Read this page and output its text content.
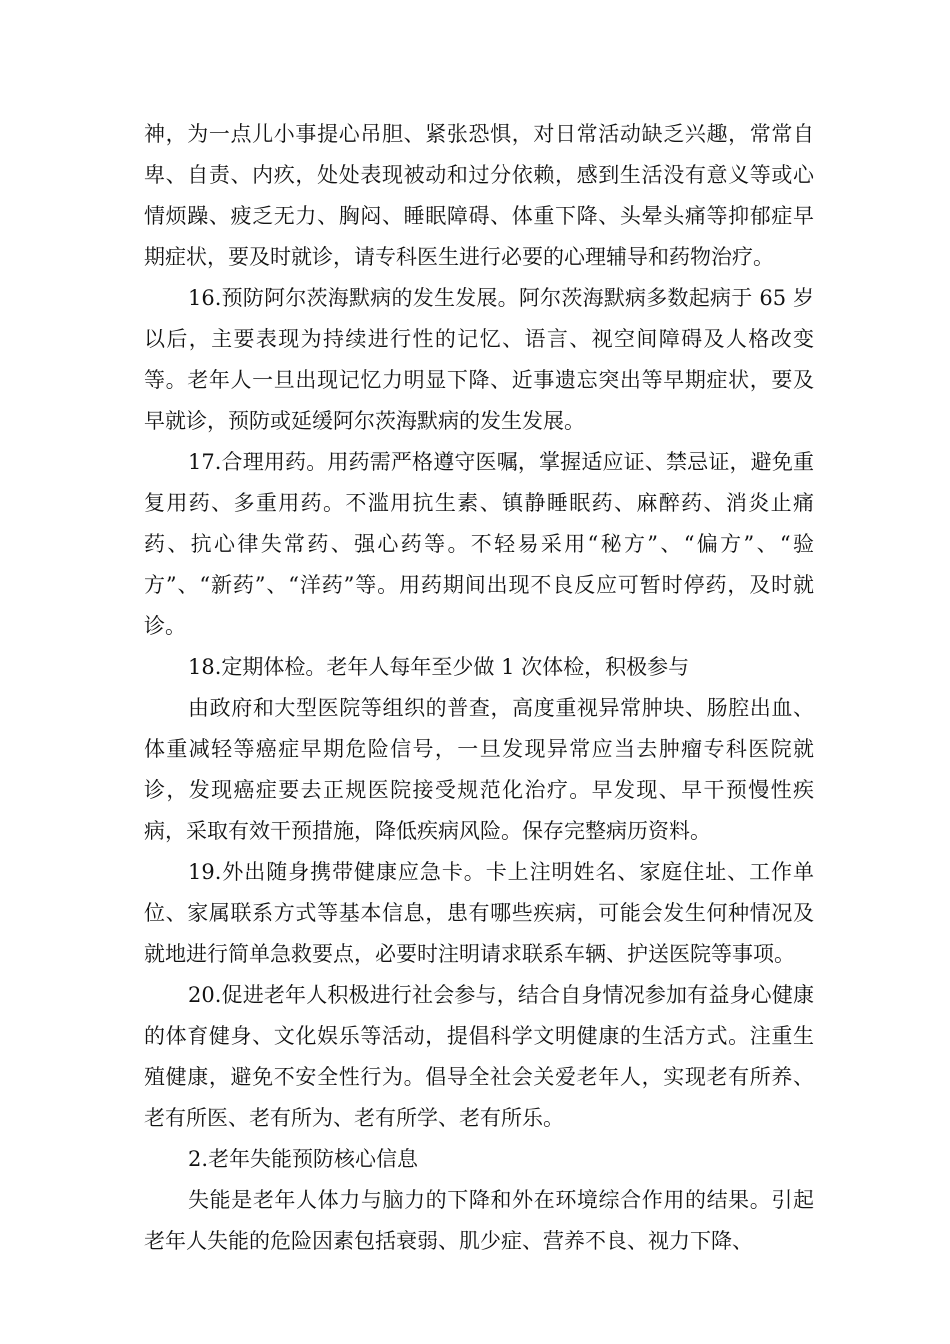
神，为一点儿小事提心吊胆、紧张恐惧，对日常活动缺乏兴趣，常常自卑、自责、内疚，处处表现被动和过分依赖，感到生活没有意义等或心情烦躁、疲乏无力、胸闷、睡眠障碍、体重下降、头晕头痛等抑郁症早期症状，要及时就诊，请专科医生进行必要的心理辅导和药物治疗。

16.预防阿尔茨海默病的发生发展。阿尔茨海默病多数起病于 65 岁以后，主要表现为持续进行性的记忆、语言、视空间障碍及人格改变等。老年人一旦出现记忆力明显下降、近事遗忘突出等早期症状，要及早就诊，预防或延缓阿尔茨海默病的发生发展。

17.合理用药。用药需严格遵守医嘱，掌握适应证、禁忌证，避免重复用药、多重用药。不滥用抗生素、镇静睡眠药、麻醉药、消炎止痛药、抗心律失常药、强心药等。不轻易采用“秘方”、“偏方”、“验方”、“新药”、“洋药”等。用药期间出现不良反应可暂时停药，及时就诊。

18.定期体检。老年人每年至少做 1 次体检，积极参与

由政府和大型医院等组织的普查，高度重视异常肿块、肠腔出血、体重减轻等癌症早期危险信号，一旦发现异常应当去肿瘤专科医院就诊，发现癌症要去正规医院接受规范化治疗。早发现、早干预慢性疾病，采取有效干预措施，降低疾病风险。保存完整病历资料。

19.外出随身携带健康应急卡。卡上注明姓名、家庭住址、工作单位、家属联系方式等基本信息，患有哪些疾病，可能会发生何种情况及就地进行简单急救要点，必要时注明请求联系车辆、护送医院等事项。

20.促进老年人积极进行社会参与，结合自身情况参加有益身心健康的体育健身、文化娱乐等活动，提倡科学文明健康的生活方式。注重生殖健康，避免不安全性行为。倡导全社会关爱老年人，实现老有所养、老有所医、老有所为、老有所学、老有所乐。

2.老年失能预防核心信息

失能是老年人体力与脑力的下降和外在环境综合作用的结果。引起老年人失能的危险因素包括衰弱、肌少症、营养不良、视力下降、
